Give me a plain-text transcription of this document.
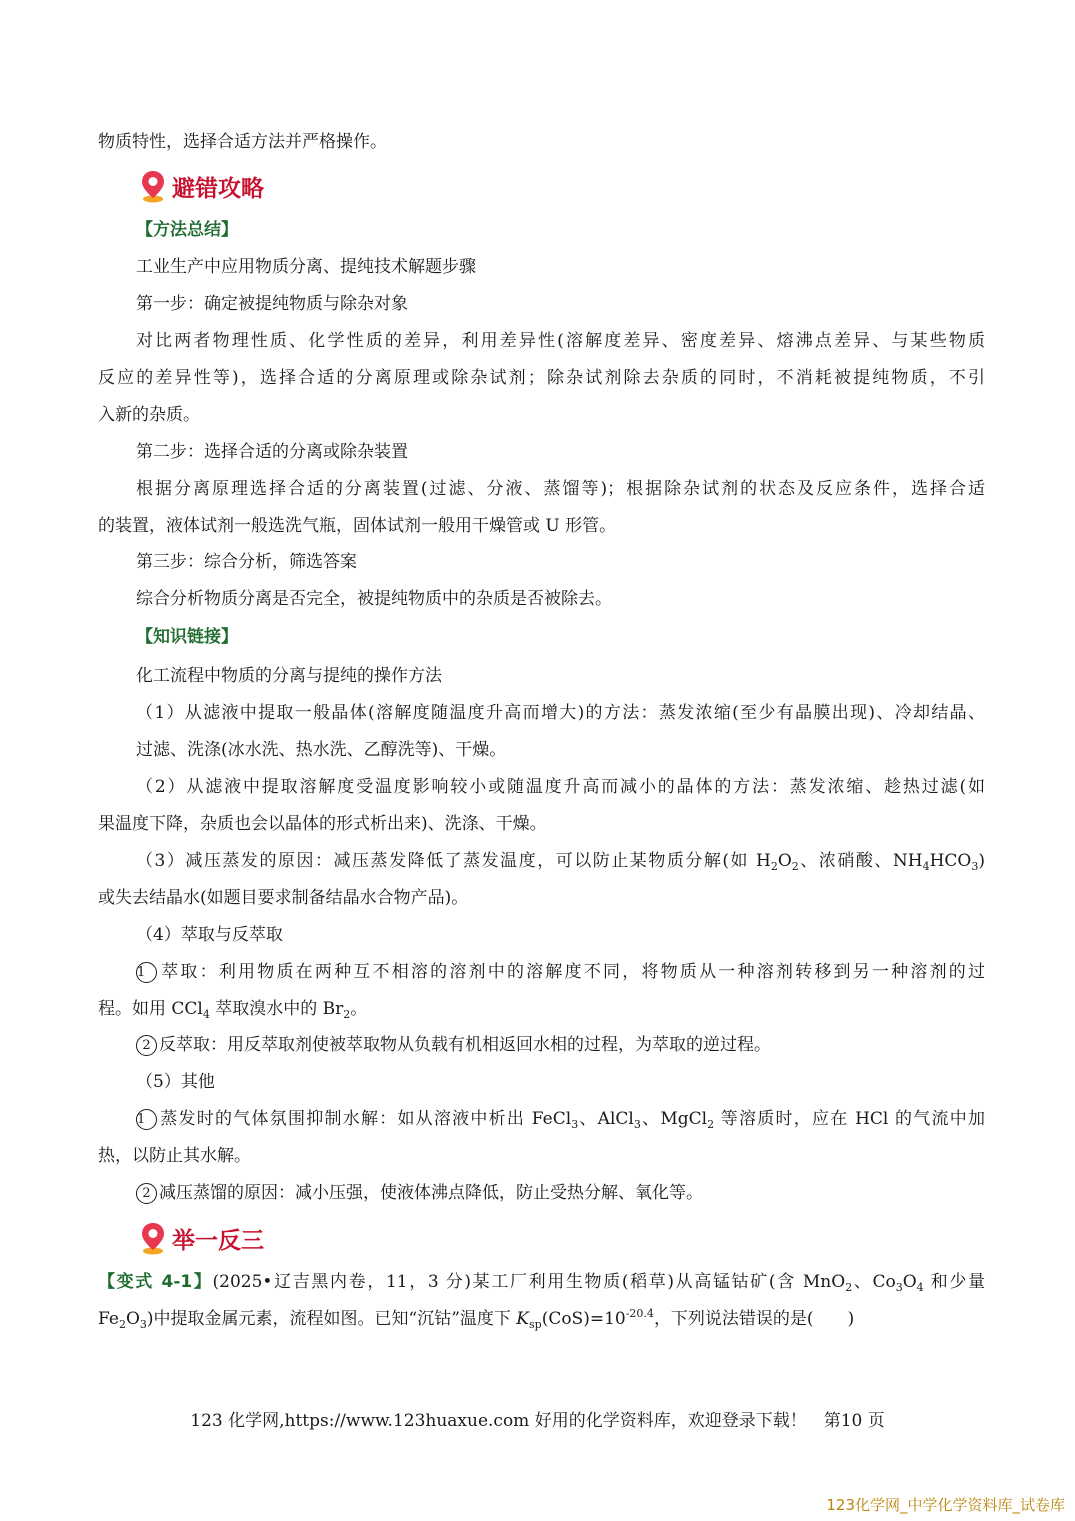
物质特性，选择合适方法并严格操作。
避错攻略
【方法总结】
工业生产中应用物质分离、提纯技术解题步骤
第一步：确定被提纯物质与除杂对象
对比两者物理性质、化学性质的差异，利用差异性(溶解度差异、密度差异、熔沸点差异、与某些物质
反应的差异性等)，选择合适的分离原理或除杂试剂；除杂试剂除去杂质的同时，不消耗被提纯物质，不引
入新的杂质。
第二步：选择合适的分离或除杂装置
根据分离原理选择合适的分离装置(过滤、分液、蒸馏等)；根据除杂试剂的状态及反应条件，选择合适
的装置，液体试剂一般选洗气瓶，固体试剂一般用干燥管或 U 形管。
第三步：综合分析，筛选答案
综合分析物质分离是否完全，被提纯物质中的杂质是否被除去。
【知识链接】
化工流程中物质的分离与提纯的操作方法
（1）从滤液中提取一般晶体(溶解度随温度升高而增大)的方法：蒸发浓缩(至少有晶膜出现)、冷却结晶、
过滤、洗涤(冰水洗、热水洗、乙醇洗等)、干燥。
（2）从滤液中提取溶解度受温度影响较小或随温度升高而减小的晶体的方法：蒸发浓缩、趁热过滤(如
果温度下降，杂质也会以晶体的形式析出来)、洗涤、干燥。
（3）减压蒸发的原因：减压蒸发降低了蒸发温度，可以防止某物质分解(如 $H_2O_2$、浓硝酸、$NH_4HCO_3$)
或失去结晶水(如题目要求制备结晶水合物产品)。
（4）萃取与反萃取
1 萃取：利用物质在两种互不相溶的溶剂中的溶解度不同，将物质从一种溶剂转移到另一种溶剂的过
程。如用 CCl$_4$ 萃取溴水中的 $Br_2$。
2 反萃取：用反萃取剂使被萃取物从负载有机相返回水相的过程，为萃取的逆过程。
（5）其他
1 蒸发时的气体氛围抑制水解：如从溶液中析出 FeCl$_3$、AlCl$_3$、MgCl$_2$ 等溶质时，应在 HCl 的气流中加
热，以防止其水解。
2 减压蒸馏的原因：减小压强，使液体沸点降低，防止受热分解、氧化等。
举一反三
【变式 4-1】(2025•辽吉黑内卷，11，3 分)某工厂利用生物质(稻草)从高锰钴矿(含 MnO$_2$、$Co_3O_4$ 和少量
$Fe_2O_3$)中提取金属元素，流程如图。已知“沉钴”温度下 $K_{sp}(CoS)=10^{-20.4}$，下列说法错误的是(　　)
123 化学网,https://www.123huaxue.com 好用的化学资料库，欢迎登录下载！　第10 页
123化学网_中学化学资料库_试卷库
